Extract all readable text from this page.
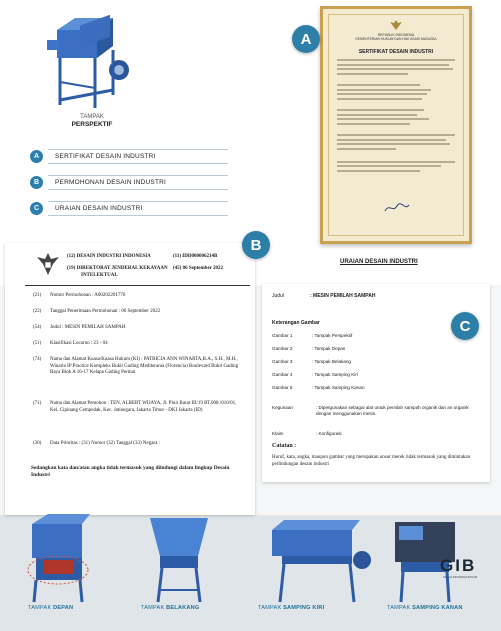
TAMPAK
PERSPEKTIF
A	SERTIFIKAT DESAIN INDUSTRI
B	PERMOHONAN DESAIN INDUSTRI
C	URAIAN DESAIN INDUSTRI
REPUBLIK INDONESIA
KEMENTERIAN HUKUM DAN HAK ASASI MANUSIA
SERTIFIKAT DESAIN INDUSTRI
A
URAIAN DESAIN INDUSTRI
(12) DESAIN INDUSTRI INDONESIA	(11) IDD000006214B
(19) DIREKTORAT JENDERAL KEKAYAAN
INTELEKTUAL
(45) 06 September 2022
(21)	Nomor Permohonan : A00202201776
(22)	Tanggal Penerimaan Permohonan : 06 September 2022
(54)	Judul : MESIN PEMILAH SAMPAH
(51)	Klasifikasi Locarno : 23 - 04
(74)	Nama dan Alamat Kuasa/Kuasa Hukum (KI) : PATRICIA ANN WINARTA,B.A., S.H., M.H., Winarta IP Practice Kompleks Bukit Gading Mediterania (Florencia) Boulevard Bukit Gading Raya Blok A 16-17 Kelapa Gading Permai
(71)	Nama dan Alamat Pemohon : TEN, ALBERT WIJAYA, Jl. Pluit Barat III/19 RT.008 /010/01, Kel. Cipinang Cempedak, Kec. Jatinegara, Jakarta Timur - DKI Jakarta (ID)
(30)	Data Prioritas : (31) Nomor (32) Tanggal (33) Negara :
Sedangkan kata dan/atau angka tidak termasuk yang diindungi dalam lingkup Desain Industri
B
Judul	: MESIN PEMILAH SAMPAH
Keterangan Gambar
Gambar 1	: Tampak Perspektif
Gambar 2	: Tampak Depan
Gambar 3	: Tampak Belakang
Gambar 4	: Tampak Samping Kiri
Gambar 5	: Tampak Samping Kanan
Kegunaan	: Dipergunakan sebagai alat untuk pemilah sampah organik dan an organik dengan menggunakan mesin.
Klaim	: Konfigurasi
Catatan :
Huruf, kata, angka, maupun gambar yang merupakan unsur merek tidak termasuk yang dimintakan perlindungan desain industri
C
TAMPAK DEPAN	TAMPAK BELAKANG	TAMPAK SAMPING KIRI	TAMPAK SAMPING KANAN
GIB
GRAHA INDONESIA BOGOR
